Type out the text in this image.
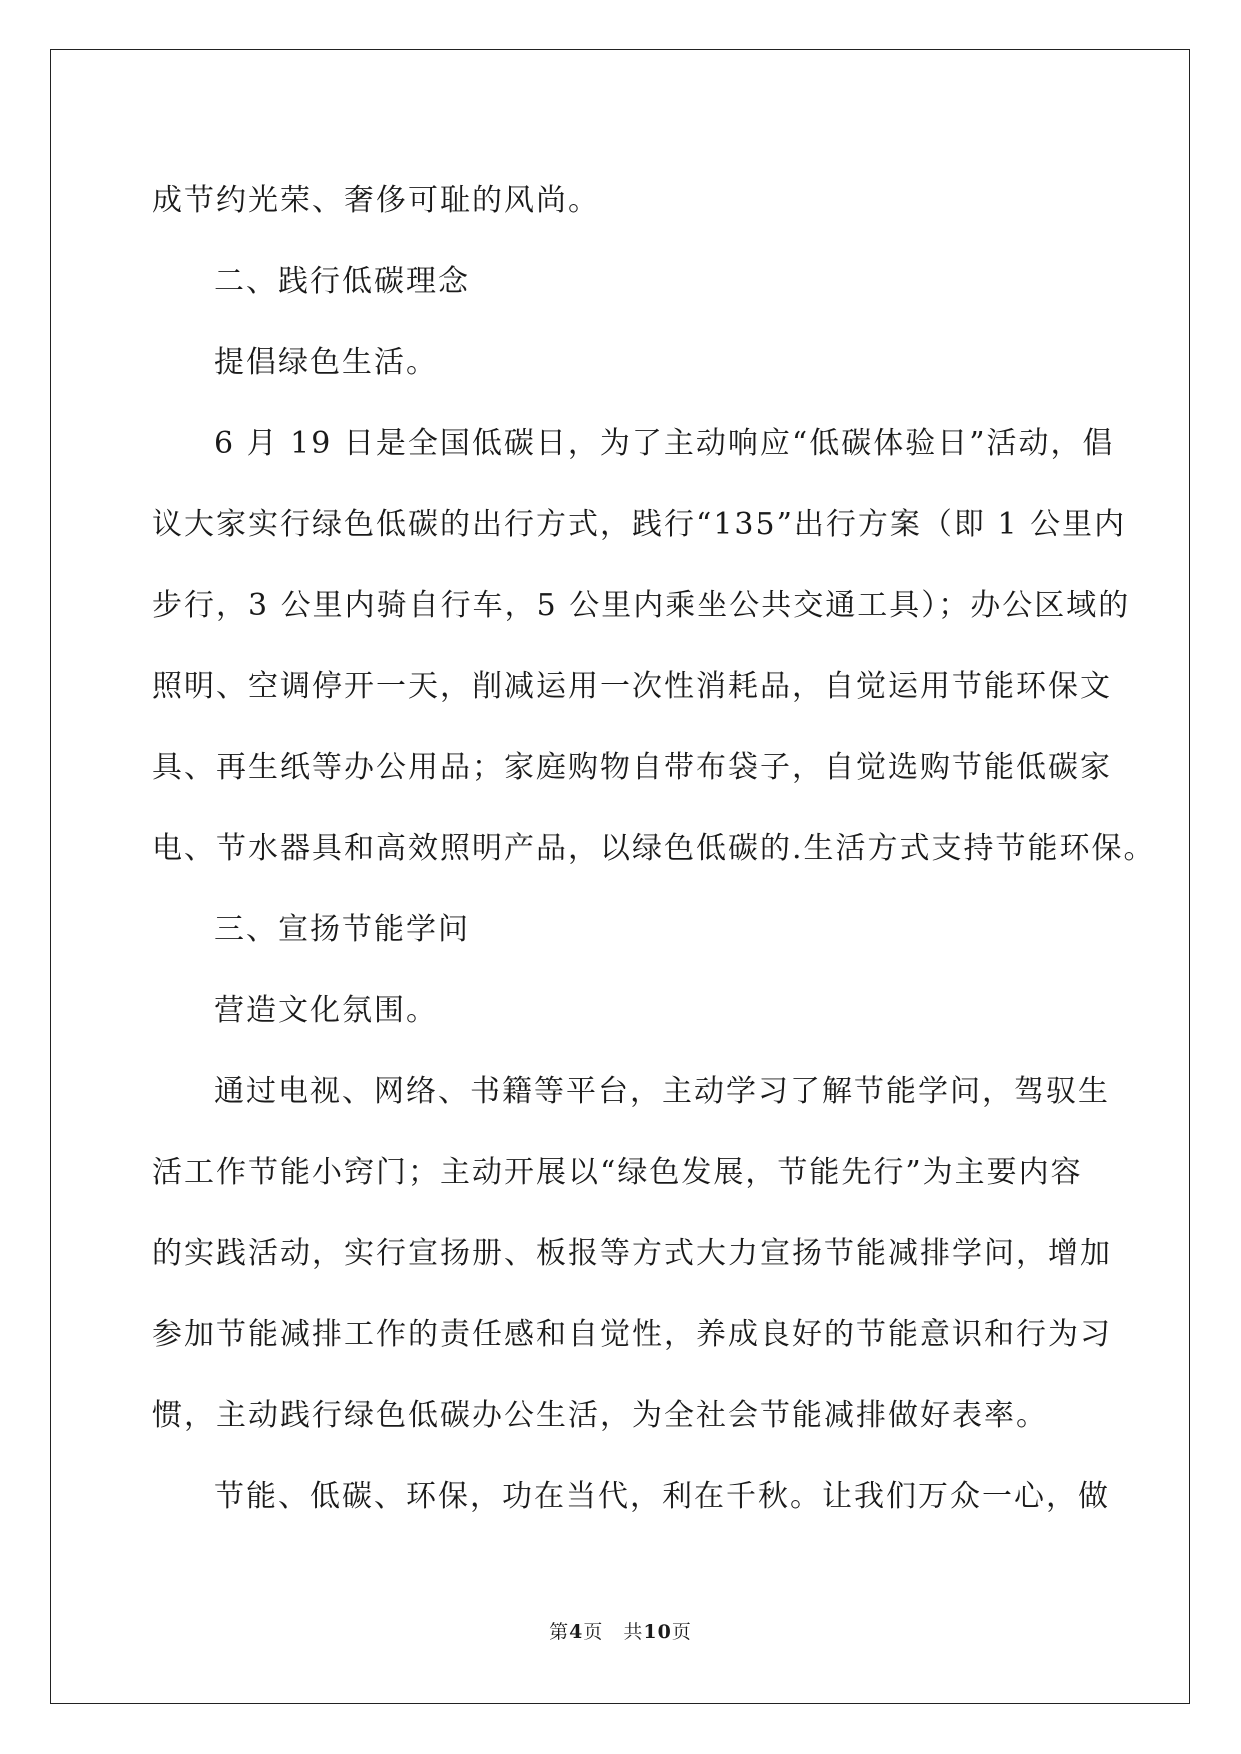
成节约光荣、奢侈可耻的风尚。
二、践行低碳理念
提倡绿色生活。
6 月 19 日是全国低碳日，为了主动响应“低碳体验日”活动，倡
议大家实行绿色低碳的出行方式，践行“135”出行方案（即 1 公里内
步行，3 公里内骑自行车，5 公里内乘坐公共交通工具）；办公区域的
照明、空调停开一天，削减运用一次性消耗品，自觉运用节能环保文
具、再生纸等办公用品；家庭购物自带布袋子，自觉选购节能低碳家
电、节水器具和高效照明产品，以绿色低碳的.生活方式支持节能环保。
三、宣扬节能学问
营造文化氛围。
通过电视、网络、书籍等平台，主动学习了解节能学问，驾驭生
活工作节能小窍门；主动开展以“绿色发展，节能先行”为主要内容
的实践活动，实行宣扬册、板报等方式大力宣扬节能减排学问，增加
参加节能减排工作的责任感和自觉性，养成良好的节能意识和行为习
惯，主动践行绿色低碳办公生活，为全社会节能减排做好表率。
节能、低碳、环保，功在当代，利在千秋。让我们万众一心，做
第4页　共10页
